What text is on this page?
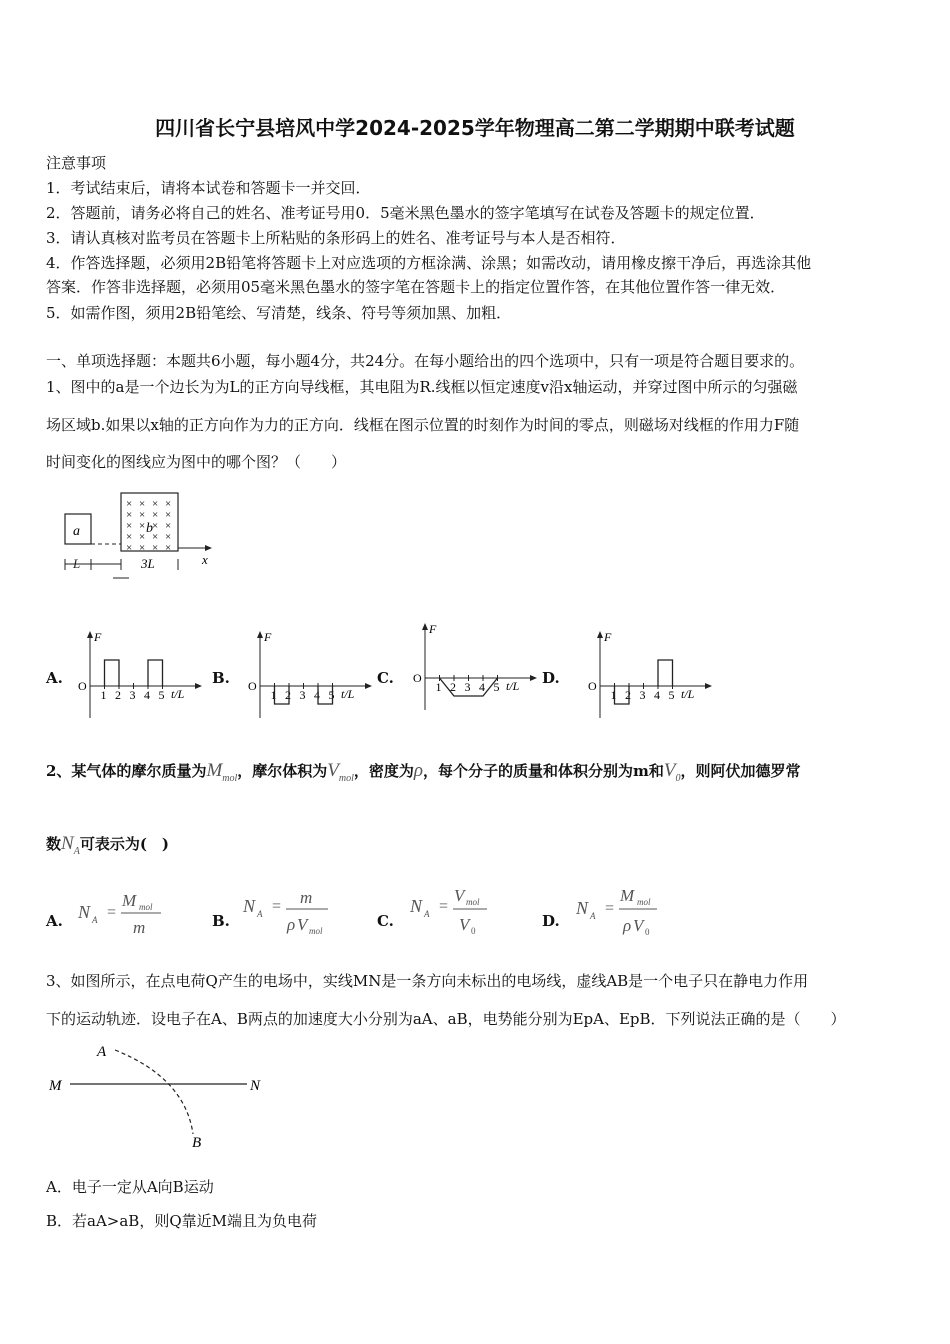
四川省长宁县培风中学2024-2025学年物理高二第二学期期中联考试题
注意事项
1．考试结束后，请将本试卷和答题卡一并交回．
2．答题前，请务必将自己的姓名、准考证号用0．5毫米黑色墨水的签字笔填写在试卷及答题卡的规定位置．
3．请认真核对监考员在答题卡上所粘贴的条形码上的姓名、准考证号与本人是否相符．
4．作答选择题，必须用2B铅笔将答题卡上对应选项的方框涂满、涂黑；如需改动，请用橡皮擦干净后，再选涂其他
答案．作答非选择题，必须用05毫米黑色墨水的签字笔在答题卡上的指定位置作答，在其他位置作答一律无效．
5．如需作图，须用2B铅笔绘、写清楚，线条、符号等须加黑、加粗．
一、单项选择题：本题共6小题，每小题4分，共24分。在每小题给出的四个选项中，只有一项是符合题目要求的。
1、图中的a是一个边长为为L的正方向导线框，其电阻为R.线框以恒定速度v沿x轴运动，并穿过图中所示的匀强磁
场区域b.如果以x轴的正方向作为力的正方向．线框在图示位置的时刻作为时间的零点，则磁场对线框的作用力F随
时间变化的图线应为图中的哪个图？（　　）
a
× × × ×
× × × ×
× × × ×
× × × ×
× × × ×
b
x
L	3L
A.	B.	C.	D.
F
O
t/L
1 2 3 4 5
F
O
t/L
1 2 3 4 5
F
O
t/L
1 2 3 4 5
F
O
t/L
1 2 3 4 5
2、某气体的摩尔质量为$M_{mol}$，摩尔体积为$V_{mol}$，密度为ρ，每个分子的质量和体积分别为m和$V_0$，则阿伏加德罗常
数$N_A$可表示为(　)
A.	B.	C.	D.
N A =
M mol
m
N A = m
ρ V mol
N A =
V mol
V 0
N A =
M mol
ρ V 0
3、如图所示，在点电荷Q产生的电场中，实线MN是一条方向未标出的电场线，虚线AB是一个电子只在静电力作用
下的运动轨迹．设电子在A、B两点的加速度大小分别为aA、aB，电势能分别为EpA、EpB．下列说法正确的是（　　）
A
M	N
B
A．电子一定从A向B运动
B．若aA>aB，则Q靠近M端且为负电荷
